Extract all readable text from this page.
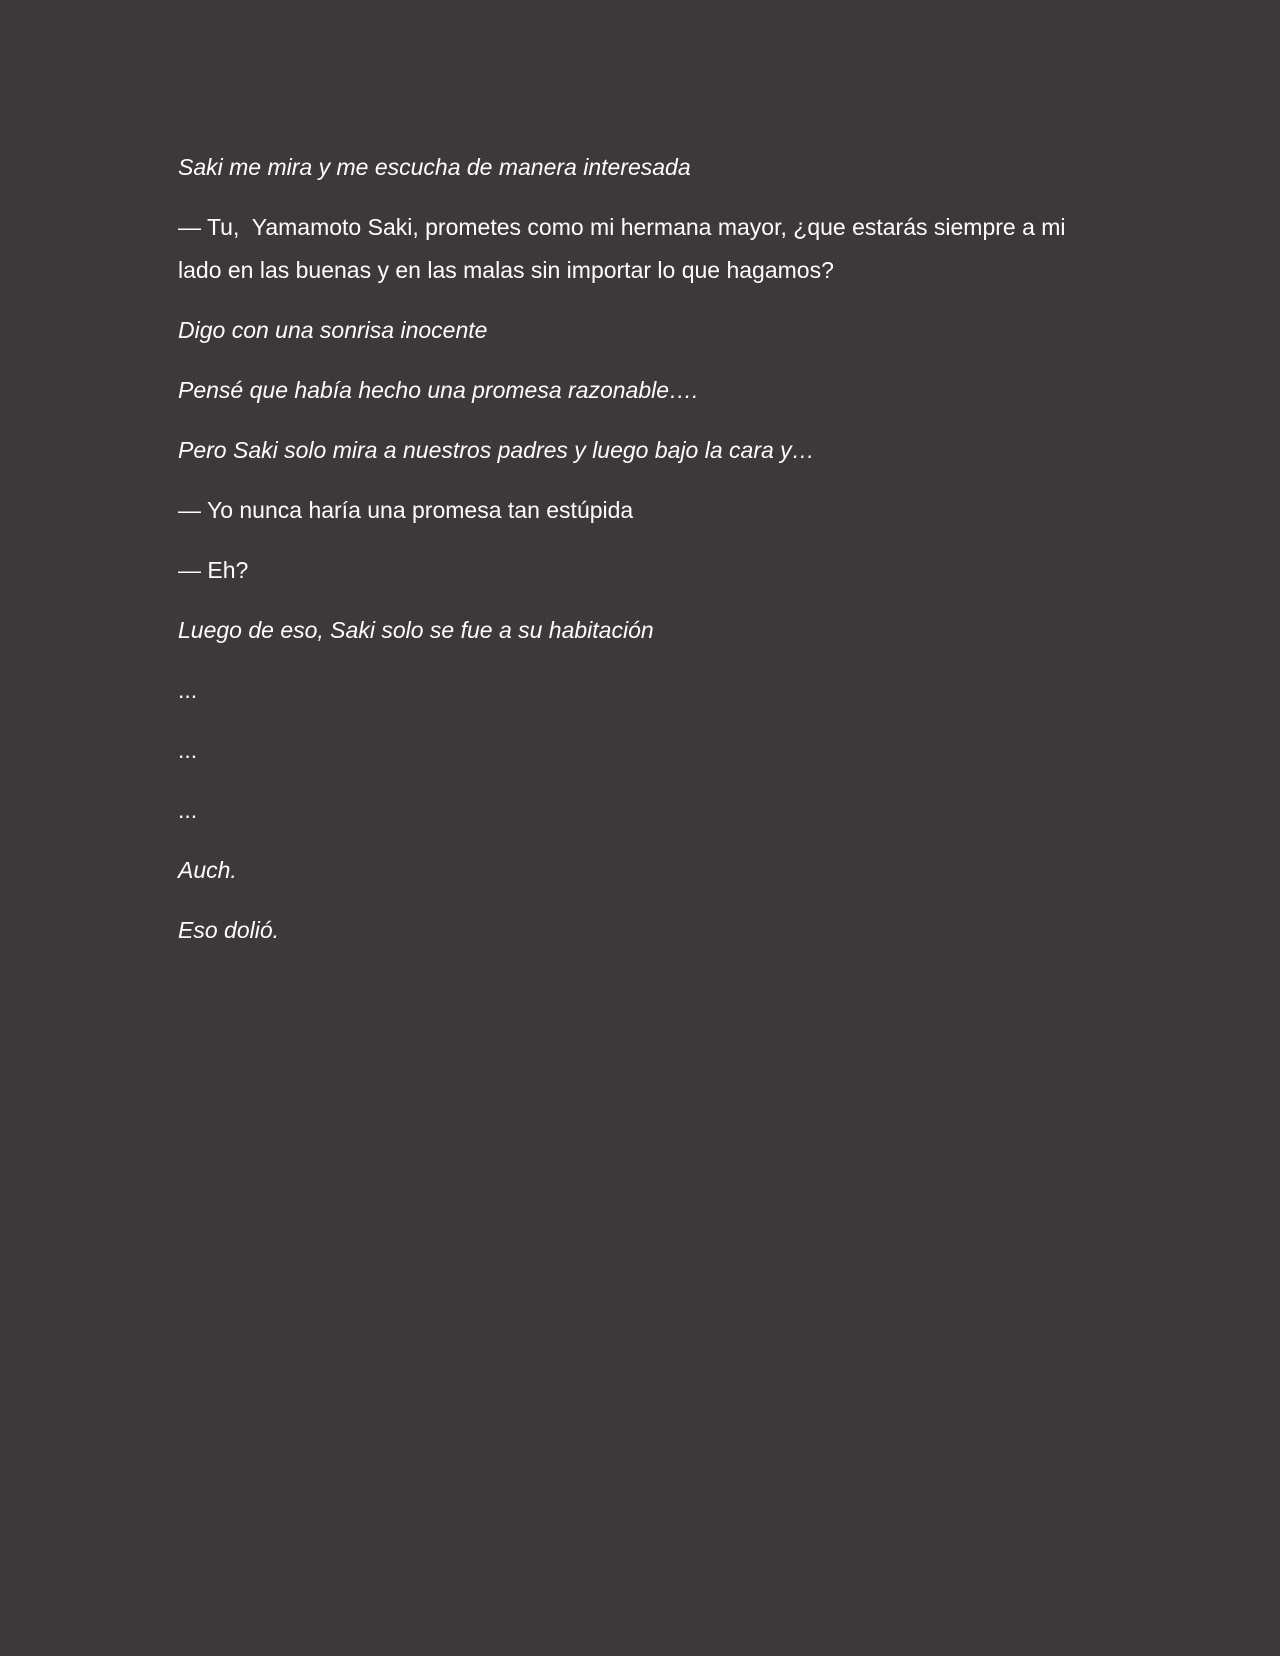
Saki me mira y me escucha de manera interesada

— Tu,  Yamamoto Saki, prometes como mi hermana mayor, ¿que estarás siempre a mi lado en las buenas y en las malas sin importar lo que hagamos?

Digo con una sonrisa inocente

Pensé que había hecho una promesa razonable….

Pero Saki solo mira a nuestros padres y luego bajo la cara y…

— Yo nunca haría una promesa tan estúpida

— Eh?

Luego de eso, Saki solo se fue a su habitación

...

...

...

Auch.

Eso dolió.
